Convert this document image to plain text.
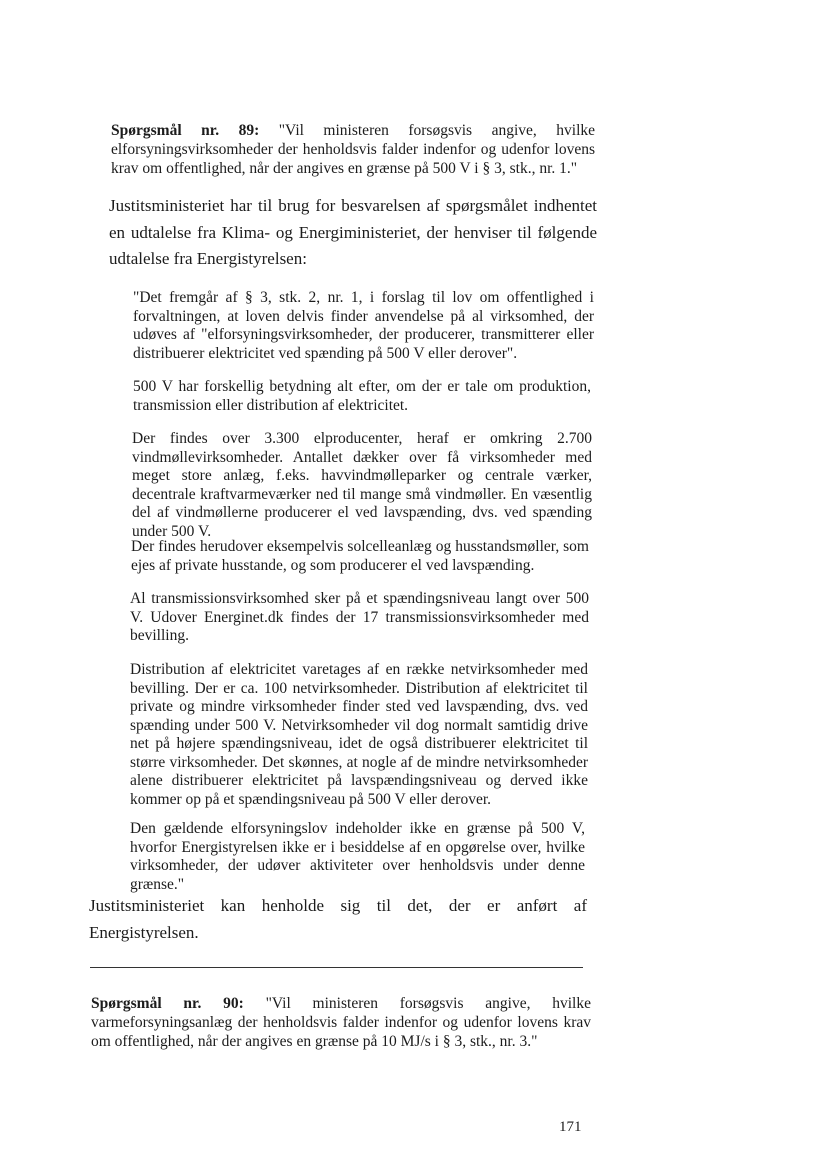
Spørgsmål nr. 89: "Vil ministeren forsøgsvis angive, hvilke elforsyningsvirksomheder der henholdsvis falder indenfor og udenfor lovens krav om offentlighed, når der angives en grænse på 500 V i § 3, stk., nr. 1."
Justitsministeriet har til brug for besvarelsen af spørgsmålet indhentet en udtalelse fra Klima- og Energiministeriet, der henviser til følgende udtalelse fra Energistyrelsen:
"Det fremgår af § 3, stk. 2, nr. 1, i forslag til lov om offentlighed i forvaltningen, at loven delvis finder anvendelse på al virksomhed, der udøves af "elforsyningsvirksomheder, der producerer, transmitterer eller distribuerer elektricitet ved spænding på 500 V eller derover".
500 V har forskellig betydning alt efter, om der er tale om produktion, transmission eller distribution af elektricitet.
Der findes over 3.300 elproducenter, heraf er omkring 2.700 vindmøllevirksomheder. Antallet dækker over få virksomheder med meget store anlæg, f.eks. havvindmølleparker og centrale værker, decentrale kraftvarmeværker ned til mange små vindmøller. En væsentlig del af vindmøllerne producerer el ved lavspænding, dvs. ved spænding under 500 V.
Der findes herudover eksempelvis solcelleanlæg og husstandsmøller, som ejes af private husstande, og som producerer el ved lavspænding.
Al transmissionsvirksomhed sker på et spændingsniveau langt over 500 V. Udover Energinet.dk findes der 17 transmissionsvirksomheder med bevilling.
Distribution af elektricitet varetages af en række netvirksomheder med bevilling. Der er ca. 100 netvirksomheder. Distribution af elektricitet til private og mindre virksomheder finder sted ved lavspænding, dvs. ved spænding under 500 V. Netvirksomheder vil dog normalt samtidig drive net på højere spændingsniveau, idet de også distribuerer elektricitet til større virksomheder. Det skønnes, at nogle af de mindre netvirksomheder alene distribuerer elektricitet på lavspændingsniveau og derved ikke kommer op på et spændingsniveau på 500 V eller derover.
Den gældende elforsyningslov indeholder ikke en grænse på 500 V, hvorfor Energistyrelsen ikke er i besiddelse af en opgørelse over, hvilke virksomheder, der udøver aktiviteter over henholdsvis under denne grænse."
Justitsministeriet kan henholde sig til det, der er anført af Energistyrelsen.
Spørgsmål nr. 90: "Vil ministeren forsøgsvis angive, hvilke varmeforsyningsanlæg der henholdsvis falder indenfor og udenfor lovens krav om offentlighed, når der angives en grænse på 10 MJ/s i § 3, stk., nr. 3."
171
